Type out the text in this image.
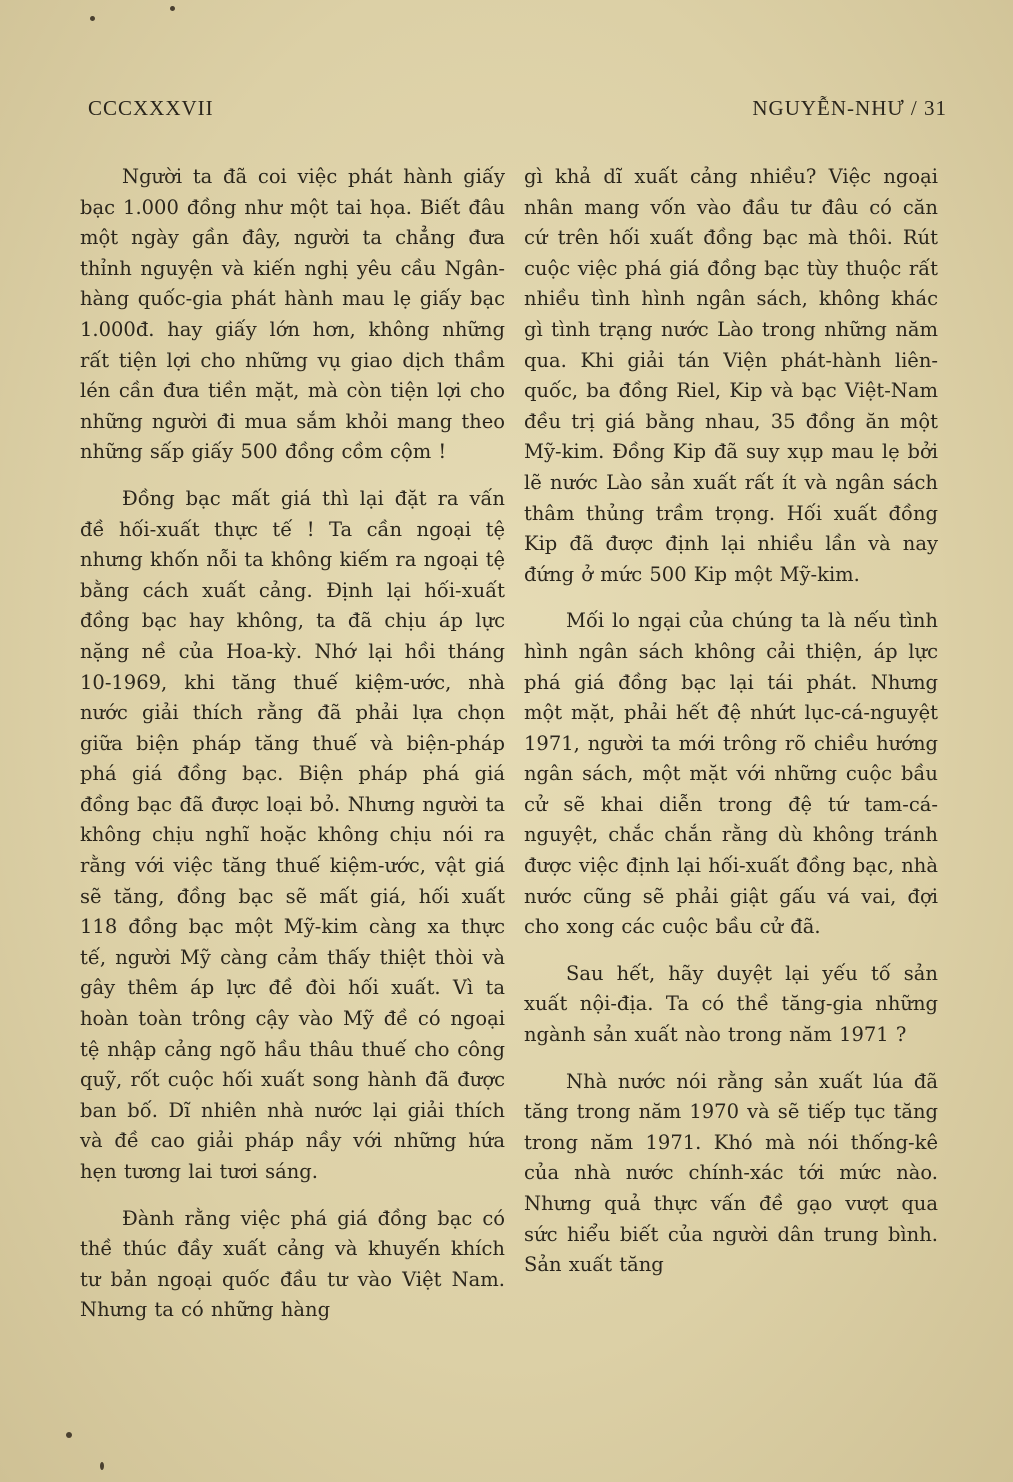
CCCXXXVII	NGUYỄN-NHƯ / 31

Người ta đã coi việc phát hành giấy bạc 1.000 đồng như một tai họa. Biết đâu một ngày gần đây, người ta chẳng đưa thỉnh nguyện và kiến nghị yêu cầu Ngân-hàng quốc-gia phát hành mau lẹ giấy bạc 1.000đ. hay giấy lớn hơn, không những rất tiện lợi cho những vụ giao dịch thầm lén cần đưa tiền mặt, mà còn tiện lợi cho những người đi mua sắm khỏi mang theo những sấp giấy 500 đồng cồm cộm !

Đồng bạc mất giá thì lại đặt ra vấn đề hối-xuất thực tế ! Ta cần ngoại tệ nhưng khốn nỗi ta không kiếm ra ngoại tệ bằng cách xuất cảng. Định lại hối-xuất đồng bạc hay không, ta đã chịu áp lực nặng nề của Hoa-kỳ. Nhớ lại hồi tháng 10-1969, khi tăng thuế kiệm-ước, nhà nước giải thích rằng đã phải lựa chọn giữa biện pháp tăng thuế và biện-pháp phá giá đồng bạc. Biện pháp phá giá đồng bạc đã được loại bỏ. Nhưng người ta không chịu nghĩ hoặc không chịu nói ra rằng với việc tăng thuế kiệm-ước, vật giá sẽ tăng, đồng bạc sẽ mất giá, hối xuất 118 đồng bạc một Mỹ-kim càng xa thực tế, người Mỹ càng cảm thấy thiệt thòi và gây thêm áp lực đề đòi hối xuất. Vì ta hoàn toàn trông cậy vào Mỹ đề có ngoại tệ nhập cảng ngõ hầu thâu thuế cho công quỹ, rốt cuộc hối xuất song hành đã được ban bố. Dĩ nhiên nhà nước lại giải thích và đề cao giải pháp nầy với những hứa hẹn tương lai tươi sáng.

Đành rằng việc phá giá đồng bạc có thề thúc đầy xuất cảng và khuyến khích tư bản ngoại quốc đầu tư vào Việt Nam. Nhưng ta có những hàng

gì khả dĩ xuất cảng nhiều? Việc ngoại nhân mang vốn vào đầu tư đâu có căn cứ trên hối xuất đồng bạc mà thôi. Rút cuộc việc phá giá đồng bạc tùy thuộc rất nhiều tình hình ngân sách, không khác gì tình trạng nước Lào trong những năm qua. Khi giải tán Viện phát-hành liên-quốc, ba đồng Riel, Kip và bạc Việt-Nam đều trị giá bằng nhau, 35 đồng ăn một Mỹ-kim. Đồng Kip đã suy xụp mau lẹ bởi lẽ nước Lào sản xuất rất ít và ngân sách thâm thủng trầm trọng. Hối xuất đồng Kip đã được định lại nhiều lần và nay đứng ở mức 500 Kip một Mỹ-kim.

Mối lo ngại của chúng ta là nếu tình hình ngân sách không cải thiện, áp lực phá giá đồng bạc lại tái phát. Nhưng một mặt, phải hết đệ nhứt lục-cá-nguyệt 1971, người ta mới trông rõ chiều hướng ngân sách, một mặt với những cuộc bầu cử sẽ khai diễn trong đệ tứ tam-cá-nguyệt, chắc chắn rằng dù không tránh được việc định lại hối-xuất đồng bạc, nhà nước cũng sẽ phải giật gấu vá vai, đợi cho xong các cuộc bầu cử đã.

Sau hết, hãy duyệt lại yếu tố sản xuất nội-địa. Ta có thề tăng-gia những ngành sản xuất nào trong năm 1971 ?

Nhà nước nói rằng sản xuất lúa đã tăng trong năm 1970 và sẽ tiếp tục tăng trong năm 1971. Khó mà nói thống-kê của nhà nước chính-xác tới mức nào. Nhưng quả thực vấn đề gạo vượt qua sức hiểu biết của người dân trung bình. Sản xuất tăng
